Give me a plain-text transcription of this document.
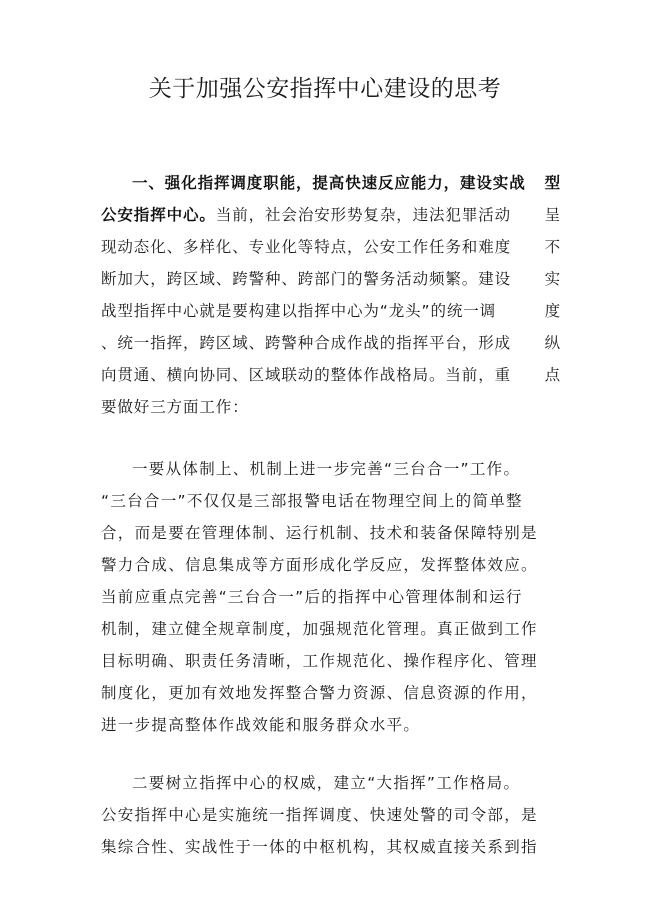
关于加强公安指挥中心建设的思考
一、强化指挥调度职能，提高快速反应能力，建设实战 型
公安指挥中心。当前，社会治安形势复杂，违法犯罪活动 呈
现动态化、多样化、专业化等特点，公安工作任务和难度 不
断加大，跨区域、跨警种、跨部门的警务活动频繁。建设 实
战型指挥中心就是要构建以指挥中心为“龙头”的统一调	度
、统一指挥，跨区域、跨警种合成作战的指挥平台，形成 纵
向贯通、横向协同、区域联动的整体作战格局。当前，重 点
要做好三方面工作：
一要从体制上、机制上进一步完善“三台合一”工作。
“三台合一”不仅仅是三部报警电话在物理空间上的简单整
合，而是要在管理体制、运行机制、技术和装备保障特别是
警力合成、信息集成等方面形成化学反应，发挥整体效应。
当前应重点完善“三台合一”后的指挥中心管理体制和运行
机制，建立健全规章制度，加强规范化管理。真正做到工作
目标明确、职责任务清晰，工作规范化、操作程序化、管理
制度化，更加有效地发挥整合警力资源、信息资源的作用，
进一步提高整体作战效能和服务群众水平。
二要树立指挥中心的权威，建立“大指挥”工作格局。
公安指挥中心是实施统一指挥调度、快速处警的司令部，是
集综合性、实战性于一体的中枢机构，其权威直接关系到指
